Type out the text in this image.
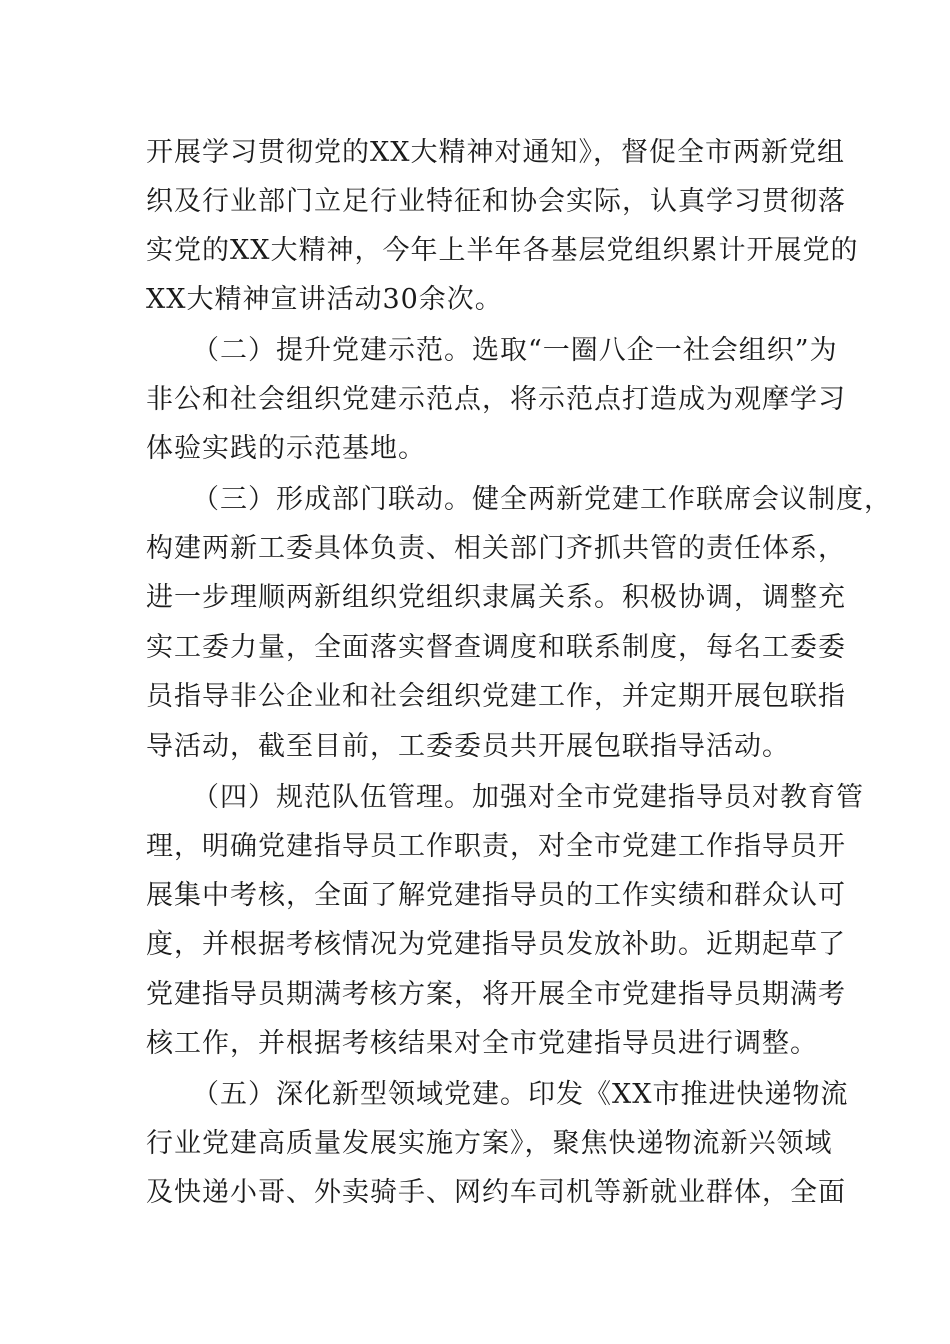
开展学习贯彻党的XX大精神对通知》，督促全市两新党组
织及行业部门立足行业特征和协会实际，认真学习贯彻落
实党的XX大精神，今年上半年各基层党组织累计开展党的
XX大精神宣讲活动30余次。
（二）提升党建示范。选取“一圈八企一社会组织”为
非公和社会组织党建示范点，将示范点打造成为观摩学习
体验实践的示范基地。
（三）形成部门联动。健全两新党建工作联席会议制度，
构建两新工委具体负责、相关部门齐抓共管的责任体系，
进一步理顺两新组织党组织隶属关系。积极协调，调整充
实工委力量，全面落实督查调度和联系制度，每名工委委
员指导非公企业和社会组织党建工作，并定期开展包联指
导活动，截至目前，工委委员共开展包联指导活动。
（四）规范队伍管理。加强对全市党建指导员对教育管
理，明确党建指导员工作职责，对全市党建工作指导员开
展集中考核，全面了解党建指导员的工作实绩和群众认可
度，并根据考核情况为党建指导员发放补助。近期起草了
党建指导员期满考核方案，将开展全市党建指导员期满考
核工作，并根据考核结果对全市党建指导员进行调整。
（五）深化新型领域党建。印发《XX市推进快递物流
行业党建高质量发展实施方案》，聚焦快递物流新兴领域
及快递小哥、外卖骑手、网约车司机等新就业群体，全面
